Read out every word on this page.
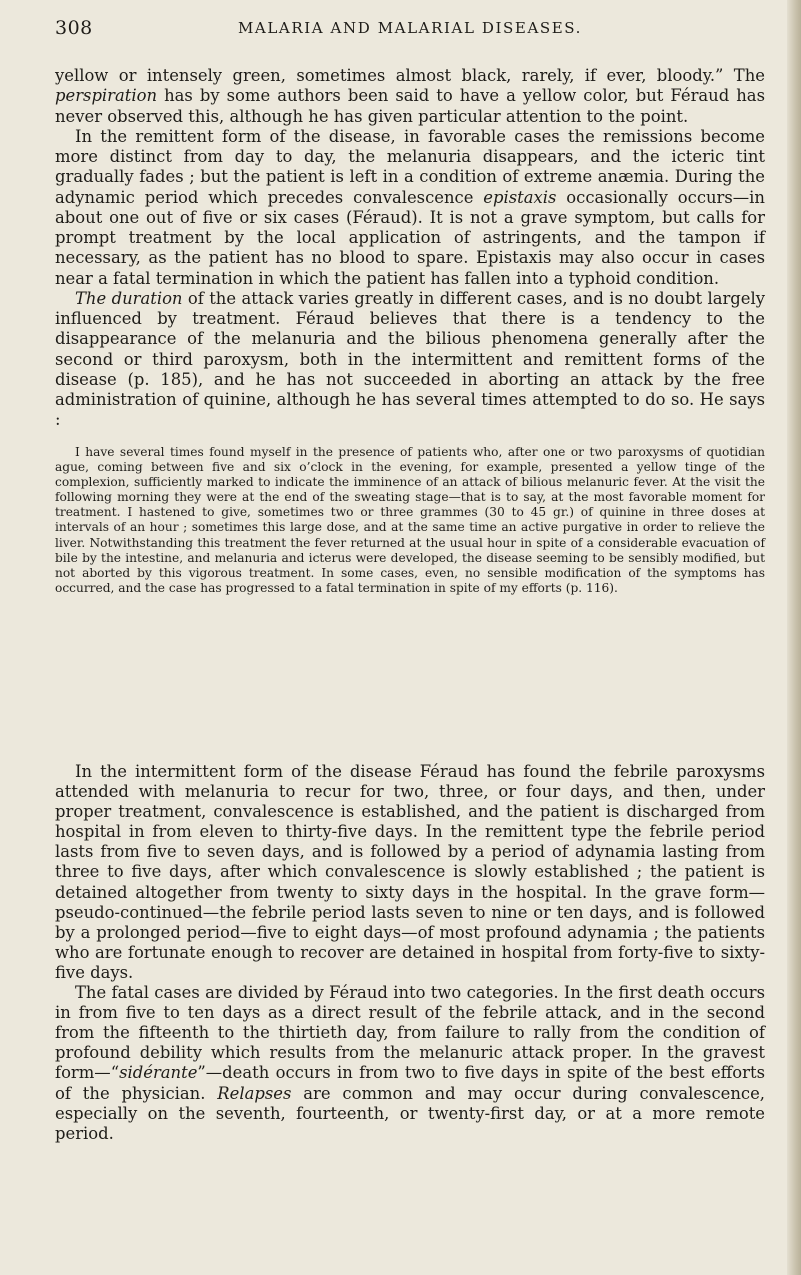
308	MALARIA AND MALARIAL DISEASES.

yellow or intensely green, sometimes almost black, rarely, if ever, bloody.” The perspiration has by some authors been said to have a yellow color, but Féraud has never observed this, although he has given particular attention to the point.

In the remittent form of the disease, in favorable cases the remissions become more distinct from day to day, the melanuria disappears, and the icteric tint gradually fades ; but the patient is left in a condition of extreme anæmia. During the adynamic period which precedes convalescence epistaxis occasionally occurs—in about one out of five or six cases (Féraud). It is not a grave symptom, but calls for prompt treatment by the local application of astringents, and the tampon if necessary, as the patient has no blood to spare. Epistaxis may also occur in cases near a fatal termination in which the patient has fallen into a typhoid condition.

The duration of the attack varies greatly in different cases, and is no doubt largely influenced by treatment. Féraud believes that there is a tendency to the disappearance of the melanuria and the bilious phenomena generally after the second or third paroxysm, both in the intermittent and remittent forms of the disease (p. 185), and he has not succeeded in aborting an attack by the free administration of quinine, although he has several times attempted to do so. He says :

I have several times found myself in the presence of patients who, after one or two paroxysms of quotidian ague, coming between five and six o’clock in the evening, for example, presented a yellow tinge of the complexion, sufficiently marked to indicate the imminence of an attack of bilious melanuric fever. At the visit the following morning they were at the end of the sweating stage—that is to say, at the most favorable moment for treatment. I hastened to give, sometimes two or three grammes (30 to 45 gr.) of quinine in three doses at intervals of an hour ; sometimes this large dose, and at the same time an active purgative in order to relieve the liver. Notwithstanding this treatment the fever returned at the usual hour in spite of a considerable evacuation of bile by the intestine, and melanuria and icterus were developed, the disease seeming to be sensibly modified, but not aborted by this vigorous treatment. In some cases, even, no sensible modification of the symptoms has occurred, and the case has progressed to a fatal termination in spite of my efforts (p. 116).

In the intermittent form of the disease Féraud has found the febrile paroxysms attended with melanuria to recur for two, three, or four days, and then, under proper treatment, convalescence is established, and the patient is discharged from hospital in from eleven to thirty-five days. In the remittent type the febrile period lasts from five to seven days, and is followed by a period of adynamia lasting from three to five days, after which convalescence is slowly established ; the patient is detained altogether from twenty to sixty days in the hospital. In the grave form—pseudo-continued—the febrile period lasts seven to nine or ten days, and is followed by a prolonged period—five to eight days—of most profound adynamia ; the patients who are fortunate enough to recover are detained in hospital from forty-five to sixty-five days.

The fatal cases are divided by Féraud into two categories. In the first death occurs in from five to ten days as a direct result of the febrile attack, and in the second from the fifteenth to the thirtieth day, from failure to rally from the condition of profound debility which results from the melanuric attack proper. In the gravest form—“sidérante”—death occurs in from two to five days in spite of the best efforts of the physician. Relapses are common and may occur during convalescence, especially on the seventh, fourteenth, or twenty-first day, or at a more remote period.
